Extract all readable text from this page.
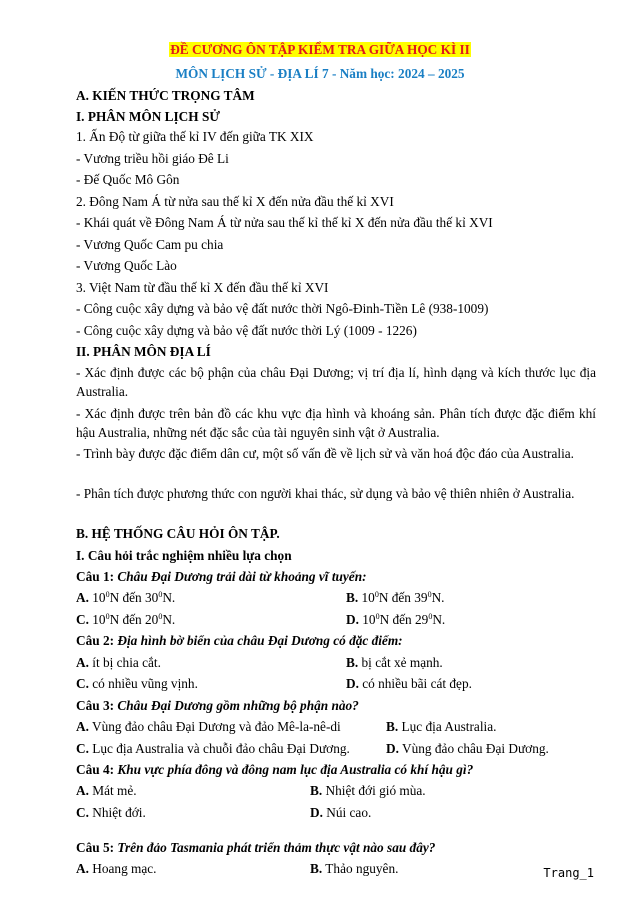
ĐỀ CƯƠNG ÔN TẬP KIỂM TRA GIỮA HỌC KÌ II
MÔN LỊCH SỬ - ĐỊA LÍ 7 - Năm học: 2024 – 2025
A. KIẾN THỨC TRỌNG TÂM
I. PHÂN MÔN LỊCH SỬ
1. Ấn Độ từ giữa thế kỉ IV đến giữa TK XIX
- Vương triều hồi giáo Đê Li
- Đế Quốc Mô Gôn
2. Đông Nam Á từ nửa sau thế kỉ X đến nửa đầu thế kỉ XVI
- Khái quát về Đông Nam Á từ nửa sau thế kỉ thế kỉ X đến nửa đầu thế kỉ XVI
- Vương Quốc Cam pu chia
- Vương Quốc Lào
3. Việt Nam từ đầu thế kỉ X đến đầu thế kỉ XVI
- Công cuộc xây dựng và bảo vệ đất nước thời Ngô-Đinh-Tiền Lê (938-1009)
- Công cuộc xây dựng và bảo vệ đất nước thời Lý (1009 - 1226)
II. PHÂN MÔN ĐỊA LÍ
- Xác định được các bộ phận của châu Đại Dương; vị trí địa lí, hình dạng và kích thước lục địa Australia.
- Xác định được trên bản đồ các khu vực địa hình và khoáng sản. Phân tích được đặc điểm khí hậu Australia, những nét đặc sắc của tài nguyên sinh vật ở Australia.
- Trình bày được đặc điểm dân cư, một số vấn đề về lịch sử và văn hoá độc đáo của Australia.
- Phân tích được phương thức con người khai thác, sử dụng và bảo vệ thiên nhiên ở Australia.
B. HỆ THỐNG CÂU HỎI ÔN TẬP.
I. Câu hỏi trắc nghiệm nhiều lựa chọn
Câu 1: Châu Đại Dương trải dài từ khoảng vĩ tuyến:
A. $10^0N$ đến $30^0N$.	B. $10^0N$ đến $39^0N$.
C. $10^0N$ đến $20^0N$.	D. $10^0N$ đến $29^0N$.
Câu 2: Địa hình bờ biển của châu Đại Dương có đặc điểm:
A. ít bị chia cắt.	B. bị cắt xẻ mạnh.
C. có nhiều vũng vịnh.	D. có nhiều bãi cát đẹp.
Câu 3: Châu Đại Dương gồm những bộ phận nào?
A. Vùng đảo châu Đại Dương và đảo Mê-la-nê-di	B. Lục địa Australia.
C. Lục địa Australia và chuỗi đảo châu Đại Dương.	D. Vùng đảo châu Đại Dương.
Câu 4: Khu vực phía đông và đông nam lục địa Australia có khí hậu gì?
A. Mát mẻ.	B. Nhiệt đới gió mùa.
C. Nhiệt đới.	D. Núi cao.
Câu 5: Trên đảo Tasmania phát triển thảm thực vật nào sau đây?
A. Hoang mạc.	B. Thảo nguyên.	Trang_1
